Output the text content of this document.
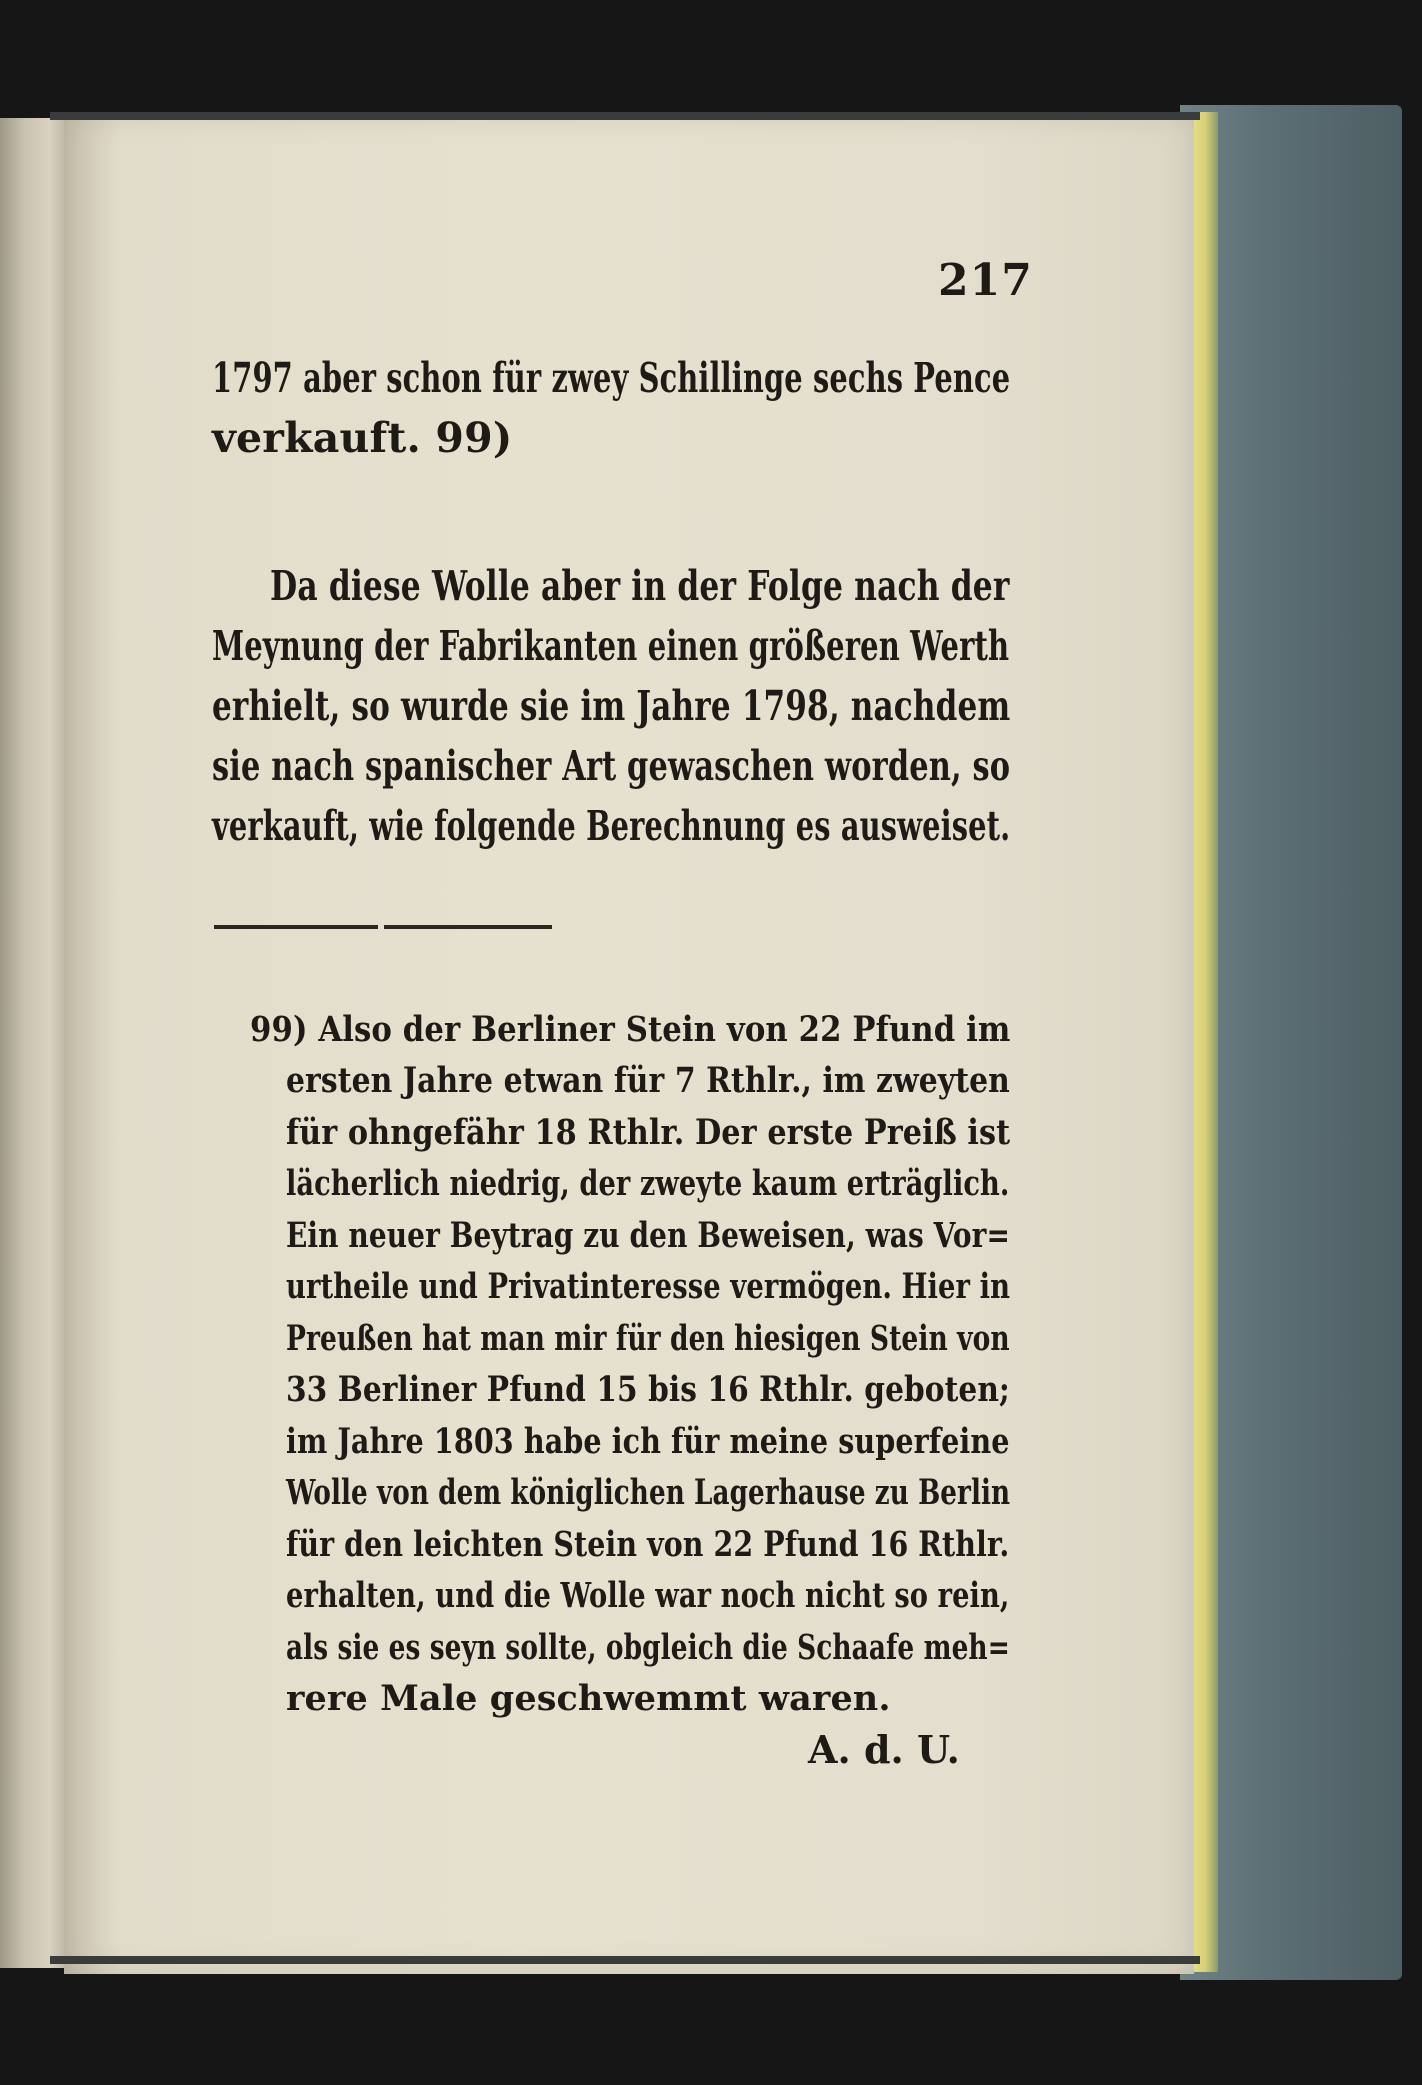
217
1797 aber schon für zwey Schillinge sechs Pence
verkauft. 99)
Da diese Wolle aber in der Folge nach der
Meynung der Fabrikanten einen größeren Werth
erhielt, so wurde sie im Jahre 1798, nachdem
sie nach spanischer Art gewaschen worden, so
verkauft, wie folgende Berechnung es ausweiset.
99) Also der Berliner Stein von 22 Pfund im
ersten Jahre etwan für 7 Rthlr., im zweyten
für ohngefähr 18 Rthlr. Der erste Preiß ist
lächerlich niedrig, der zweyte kaum erträglich.
Ein neuer Beytrag zu den Beweisen, was Vor=
urtheile und Privatinteresse vermögen. Hier in
Preußen hat man mir für den hiesigen Stein von
33 Berliner Pfund 15 bis 16 Rthlr. geboten;
im Jahre 1803 habe ich für meine superfeine
Wolle von dem königlichen Lagerhause zu Berlin
für den leichten Stein von 22 Pfund 16 Rthlr.
erhalten, und die Wolle war noch nicht so rein,
als sie es seyn sollte, obgleich die Schaafe meh=
rere Male geschwemmt waren.
A. d. U.
